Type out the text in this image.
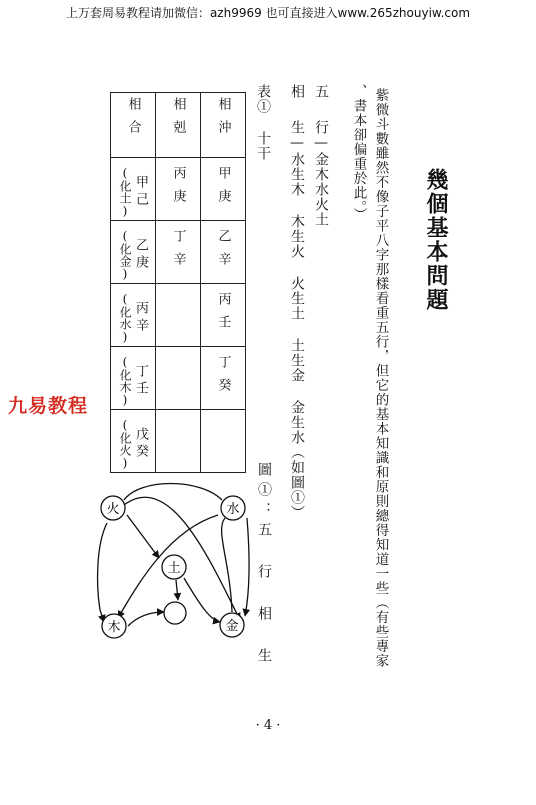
上万套周易教程请加微信：azh9969 也可直接进入www.265zhouyiw.com
幾個基本問題
紫微斗數雖然不像子平八字那樣看重五行，但它的基本知識和原則總得知道一些（有些專家
、書本卻偏重於此。）
五
行—金木水火土
相
生—水生木 木生火 火生土 土生金 金生水（如圖①）
表① 十干
圖①：五 行 相 生
相合	相剋	相沖

(化土) 甲己	丙庚	甲庚

(化金) 乙庚	丁辛	乙辛

(化水) 丙辛		丙壬

(化木) 丁壬		丁癸

(化火) 戊癸		

九易教程
火	水
土
木	金
· 4 ·
